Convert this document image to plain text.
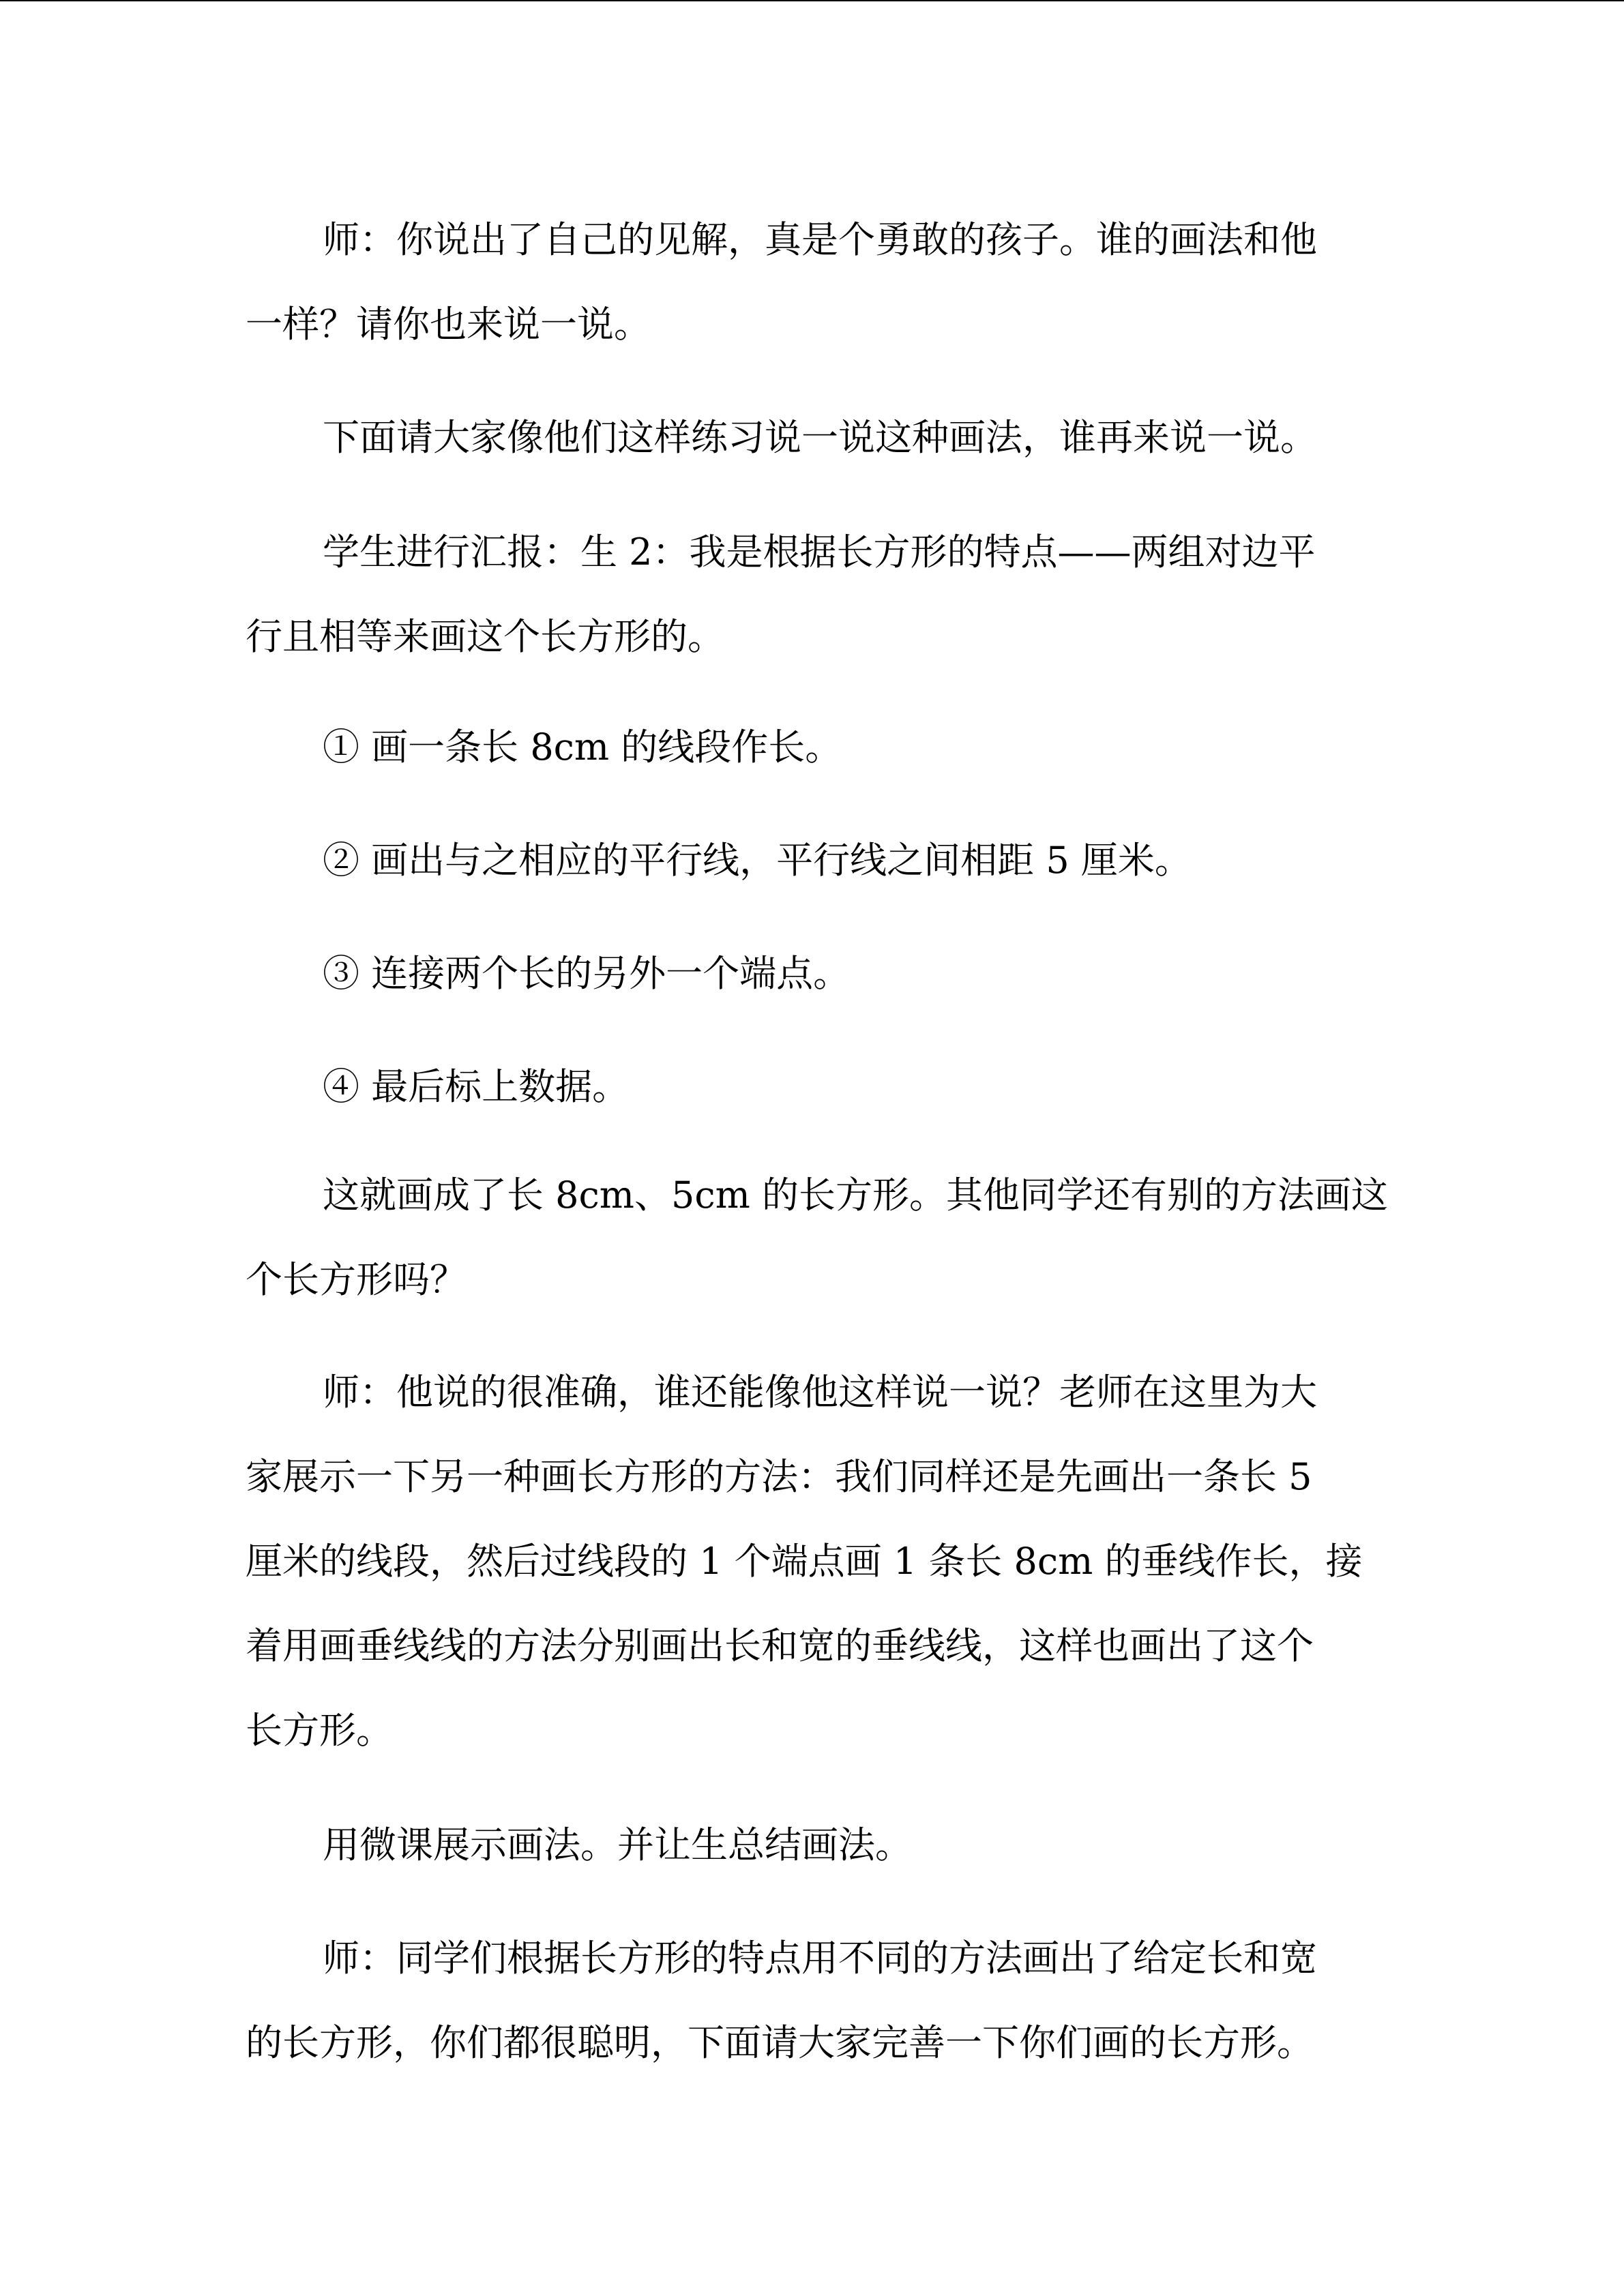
师：你说出了自己的见解，真是个勇敢的孩子。谁的画法和他
一样？请你也来说一说。
下面请大家像他们这样练习说一说这种画法，谁再来说一说。
学生进行汇报：生 2：我是根据长方形的特点——两组对边平
行且相等来画这个长方形的。
① 画一条长 8cm 的线段作长。
② 画出与之相应的平行线，平行线之间相距 5 厘米。
③ 连接两个长的另外一个端点。
④ 最后标上数据。
这就画成了长 8cm、5cm 的长方形。其他同学还有别的方法画这
个长方形吗？
师：他说的很准确，谁还能像他这样说一说？老师在这里为大
家展示一下另一种画长方形的方法：我们同样还是先画出一条长 5
厘米的线段，然后过线段的 1 个端点画 1 条长 8cm 的垂线作长，接
着用画垂线线的方法分别画出长和宽的垂线线，这样也画出了这个
长方形。
用微课展示画法。并让生总结画法。
师：同学们根据长方形的特点用不同的方法画出了给定长和宽
的长方形，你们都很聪明，下面请大家完善一下你们画的长方形。
